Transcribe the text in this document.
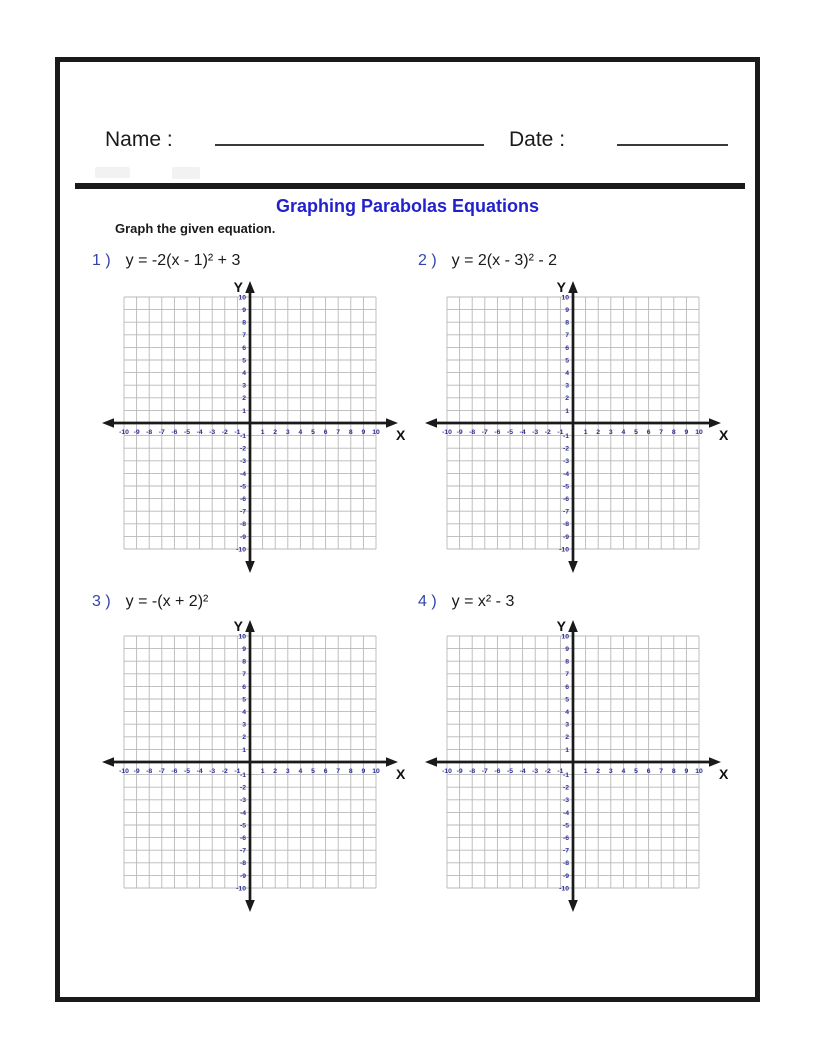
Name :	Date :
Graphing Parabolas Equations
Graph the given equation.
1 ) y = -2(x - 1)² + 3	2 ) y = 2(x - 3)² - 2
3 ) y = -(x + 2)²	4 ) y = x² - 3
-10 -9 -8 -7 -6 -5 -4 -3 -2 -1	1 2 3 4 5 6 7 8 9 10
10
9
8
7
6
5
4
3
2
1
-1
-2
-3
-4
-5
-6
-7
-8
-9
-10
Y
X	-10 -9 -8 -7 -6 -5 -4 -3 -2 -1	1 2 3 4 5 6 7 8 9 10
10
9
8
7
6
5
4
3
2
1
-1
-2
-3
-4
-5
-6
-7
-8
-9
-10
Y
X
-10 -9 -8 -7 -6 -5 -4 -3 -2 -1	1 2 3 4 5 6 7 8 9 10
10
9
8
7
6
5
4
3
2
1
-1
-2
-3
-4
-5
-6
-7
-8
-9
-10
Y
X	-10 -9 -8 -7 -6 -5 -4 -3 -2 -1	1 2 3 4 5 6 7 8 9 10
10
9
8
7
6
5
4
3
2
1
-1
-2
-3
-4
-5
-6
-7
-8
-9
-10
Y
X
